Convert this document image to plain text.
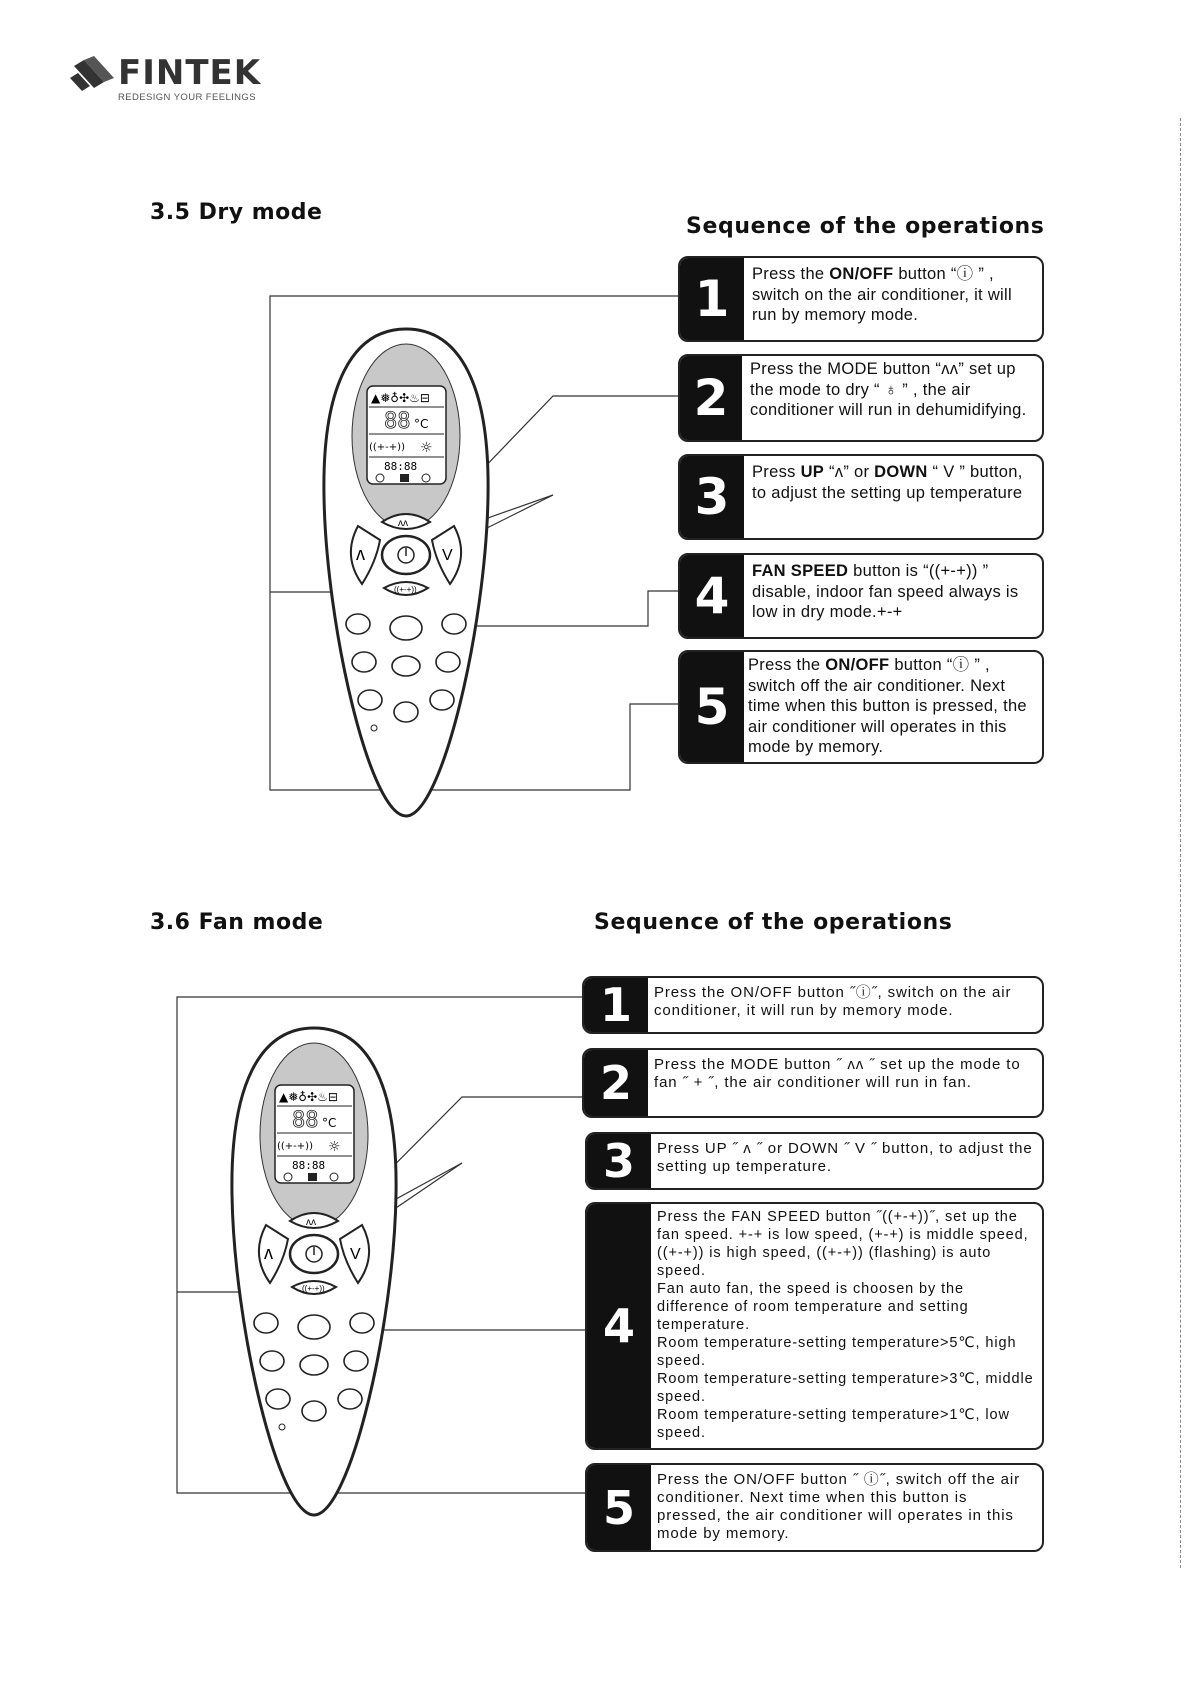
FINTEK
REDESIGN YOUR FEELINGS
3.5 Dry mode
Sequence of the operations
▲❅♁✣♨⊟
88 °C
((+-+)) ☼
88:88
ʌʌ
ʌ	V
((+-+))
1	Press the ON/OFF button “ⓘ ” , switch on the air conditioner, it will run by memory mode.
2	Press the MODE button “ʌʌ” set up the mode to dry “ ♁ ” , the air conditioner will run in dehumidifying.
3	Press UP “ʌ” or DOWN “ V ” button, to adjust the setting up temperature
4	FAN SPEED button is “((+-+)) ” disable, indoor fan speed always is low in dry mode.+-+
5
Press the ON/OFF button “ⓘ ” , switch off the air conditioner. Next time when this button is pressed, the air conditioner will operates in this mode by memory.
3.6 Fan mode	Sequence of the operations
▲❅♁✣♨⊟
88 °C
((+-+)) ☼
88:88
ʌʌ
ʌ	V
((+-+))
1	Press the ON/OFF button ˝ⓘ˝, switch on the air conditioner, it will run by memory mode.
2	Press the MODE button ˝ ʌʌ ˝ set up the mode to fan ˝ + ˝, the air conditioner will run in fan.
3	Press UP ˝ ʌ ˝ or DOWN ˝ V ˝ button, to adjust the setting up temperature.
4
Press the FAN SPEED button ˝((+-+))˝, set up the fan speed. +-+ is low speed, (+-+) is middle speed,((+-+)) is high speed, ((+-+)) (flashing) is auto speed.
Fan auto fan, the speed is choosen by the difference of room temperature and setting temperature.
Room temperature-setting temperature>5℃, high speed.
Room temperature-setting temperature>3℃, middle speed.
Room temperature-setting temperature>1℃, low speed.
5
Press the ON/OFF button ˝ ⓘ˝, switch off the air conditioner. Next time when this button is pressed, the air conditioner will operates in this mode by memory.
